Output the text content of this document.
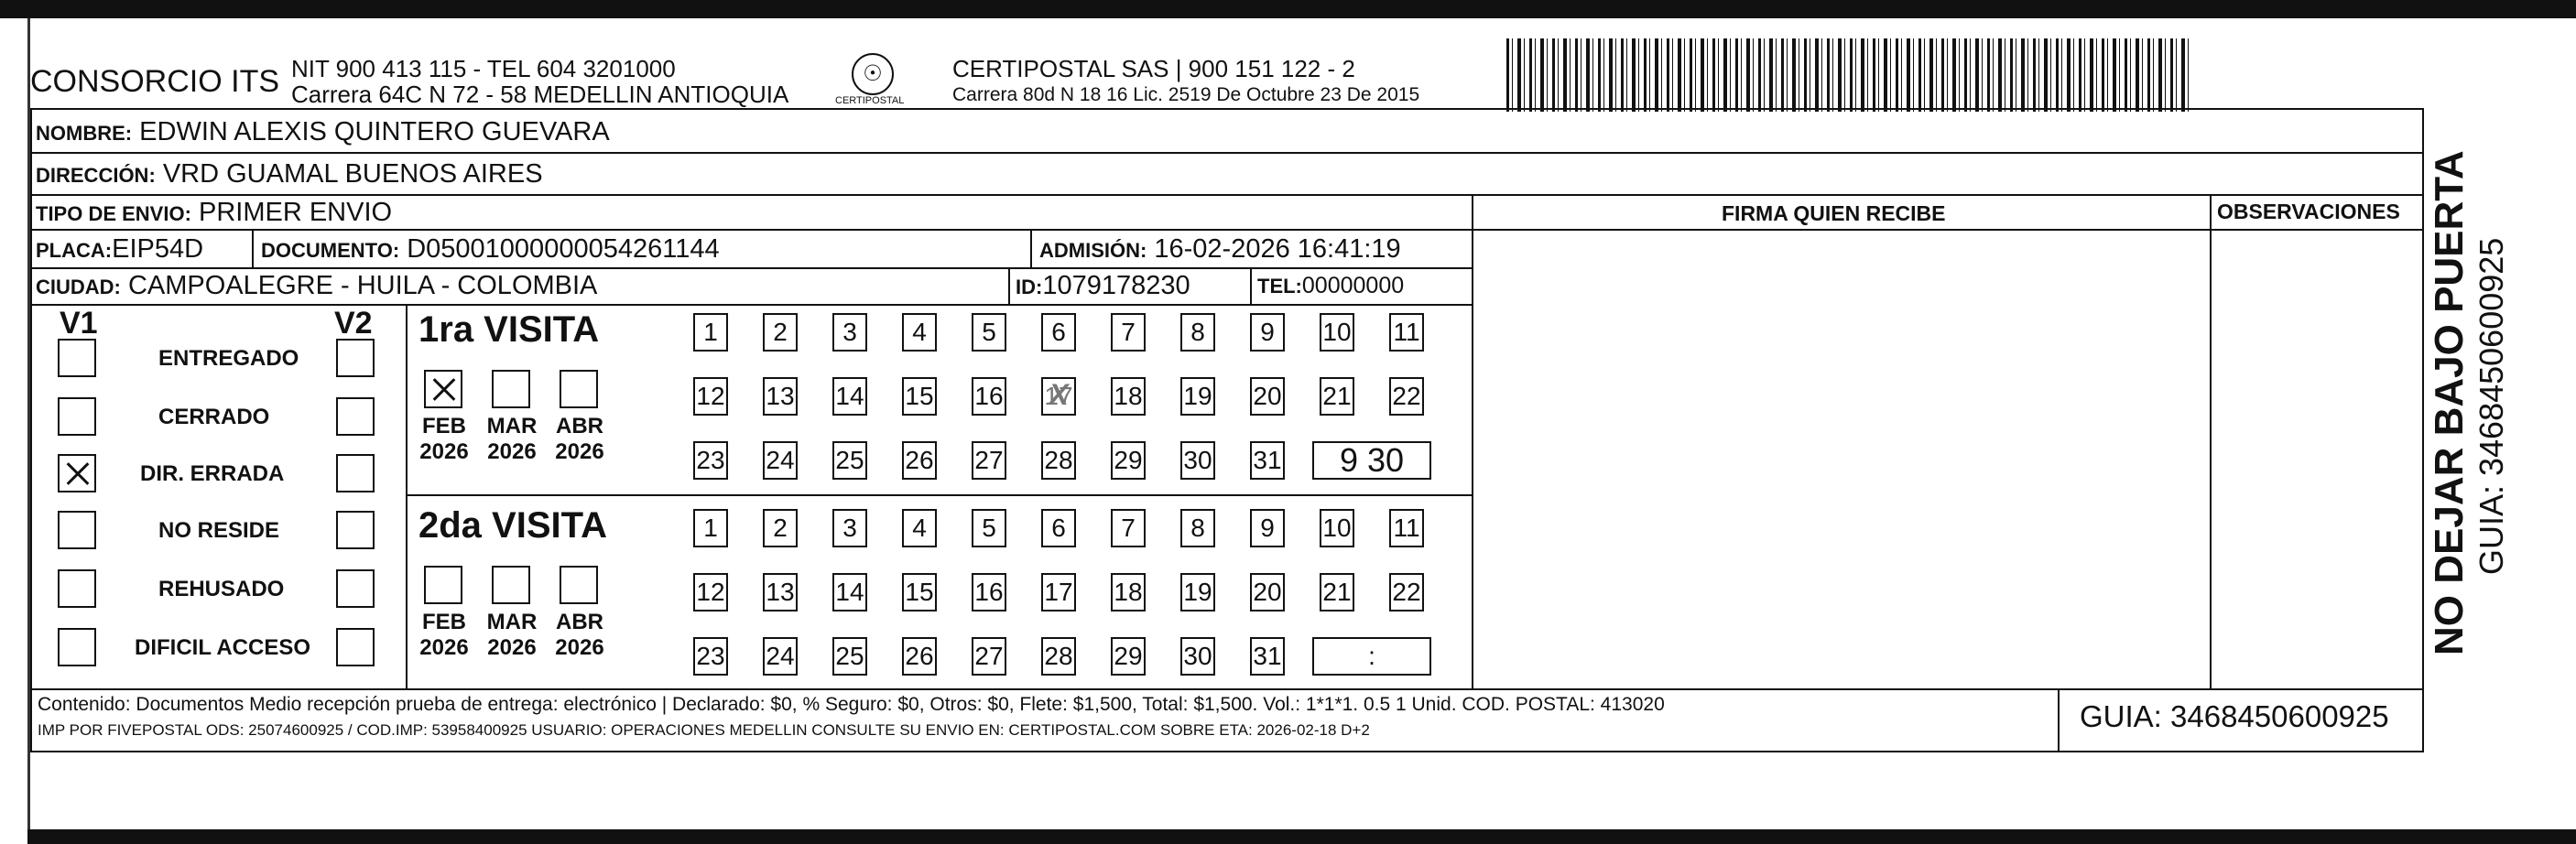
CONSORCIO ITS NIT 900 413 115 - TEL 604 3201000
Carrera 64C N 72 - 58 MEDELLIN ANTIOQUIA
☉
CERTIPOSTAL
CERTIPOSTAL SAS | 900 151 122 - 2
Carrera 80d N 18 16 Lic. 2519 De Octubre 23 De 2015
NOMBRE: EDWIN ALEXIS QUINTERO GUEVARA
DIRECCIÓN: VRD GUAMAL BUENOS AIRES
TIPO DE ENVIO: PRIMER ENVIO	FIRMA QUIEN RECIBE	OBSERVACIONES
PLACA:EIP54D	DOCUMENTO: D05001000000054261144	ADMISIÓN: 16-02-2026 16:41:19
CIUDAD: CAMPOALEGRE - HUILA - COLOMBIA	ID:1079178230	TEL:00000000
V1	V2
ENTREGADO
CERRADO
DIR. ERRADA
NO RESIDE
REHUSADO
DIFICIL ACCESO
1ra VISITA
2da VISITA
FEB
2026
MAR
2026
ABR
2026
1	2	3	4	5	6	7	8	9	10 11
12 13 14 15 16 17 X 18 19 20 21 22
23 24 25 26 27 28 29 30 31	9 30
FEB
2026
MAR
2026
ABR
2026
1	2	3	4	5	6	7	8	9	10 11
12 13 14 15 16 17 18 19 20 21 22
23 24 25 26 27 28 29 30 31	:
Contenido: Documentos Medio recepción prueba de entrega: electrónico | Declarado: $0, % Seguro: $0, Otros: $0, Flete: $1,500, Total: $1,500. Vol.: 1*1*1. 0.5 1 Unid. COD. POSTAL: 413020
IMP POR FIVEPOSTAL ODS: 25074600925 / COD.IMP: 53958400925 USUARIO: OPERACIONES MEDELLIN CONSULTE SU ENVIO EN: CERTIPOSTAL.COM SOBRE ETA: 2026-02-18 D+2	GUIA: 3468450600925
NO DEJAR BAJO PUERTA GUIA: 3468450600925
